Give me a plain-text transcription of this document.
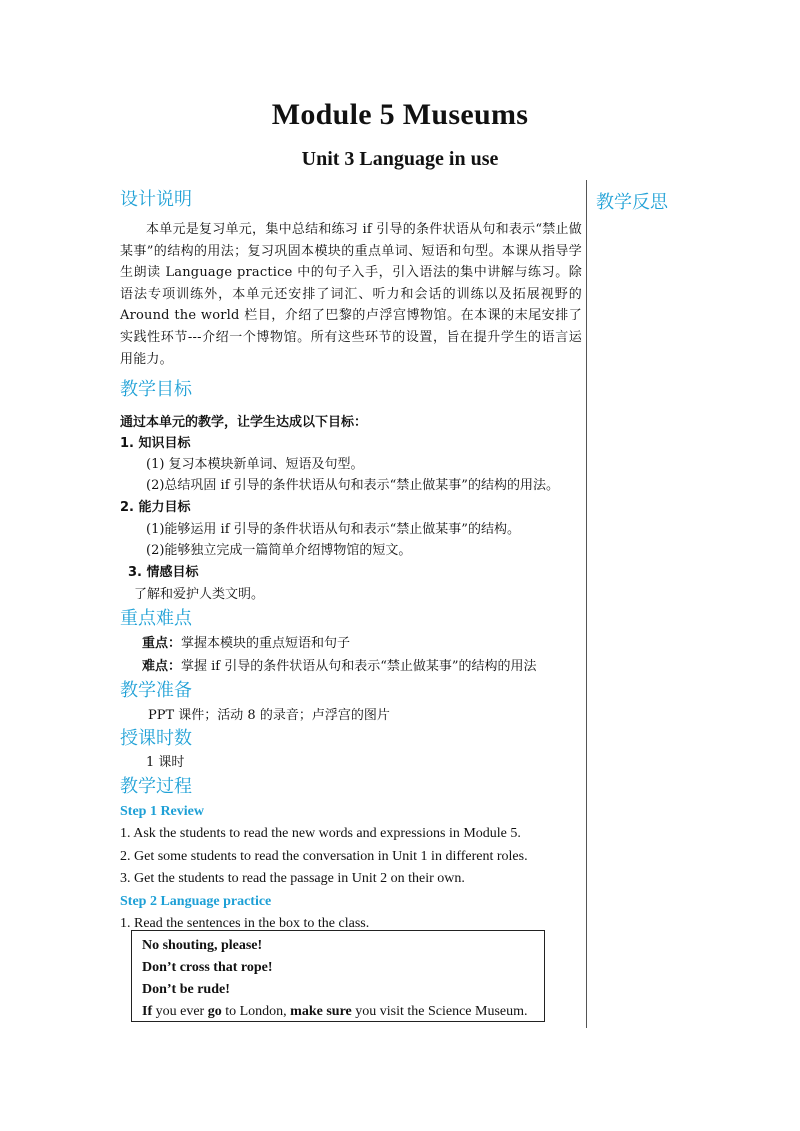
Module 5 Museums
Unit 3 Language in use
教学反思
设计说明
本单元是复习单元，集中总结和练习 if 引导的条件状语从句和表示“禁止做某事”的结构的用法；复习巩固本模块的重点单词、短语和句型。本课从指导学生朗读 Language practice 中的句子入手，引入语法的集中讲解与练习。除语法专项训练外，本单元还安排了词汇、听力和会话的训练以及拓展视野的 Around the world 栏目，介绍了巴黎的卢浮宫博物馆。在本课的末尾安排了实践性环节---介绍一个博物馆。所有这些环节的设置，旨在提升学生的语言运用能力。
教学目标
通过本单元的教学，让学生达成以下目标：
1. 知识目标
(1) 复习本模块新单词、短语及句型。
(2)总结巩固 if 引导的条件状语从句和表示“禁止做某事”的结构的用法。
2. 能力目标
(1)能够运用 if 引导的条件状语从句和表示“禁止做某事”的结构。
(2)能够独立完成一篇简单介绍博物馆的短文。
3. 情感目标
了解和爱护人类文明。
重点难点
重点：掌握本模块的重点短语和句子
难点：掌握 if 引导的条件状语从句和表示“禁止做某事”的结构的用法
教学准备
PPT 课件；活动 8 的录音；卢浮宫的图片
授课时数
1 课时
教学过程
Step 1 Review
1. Ask the students to read the new words and expressions in Module 5.
2. Get some students to read the conversation in Unit 1 in different roles.
3. Get the students to read the passage in Unit 2 on their own.
Step 2 Language practice
1. Read the sentences in the box to the class.
No shouting, please!
Don’t cross that rope!
Don’t be rude!
If you ever go to London, make sure you visit the Science Museum.
